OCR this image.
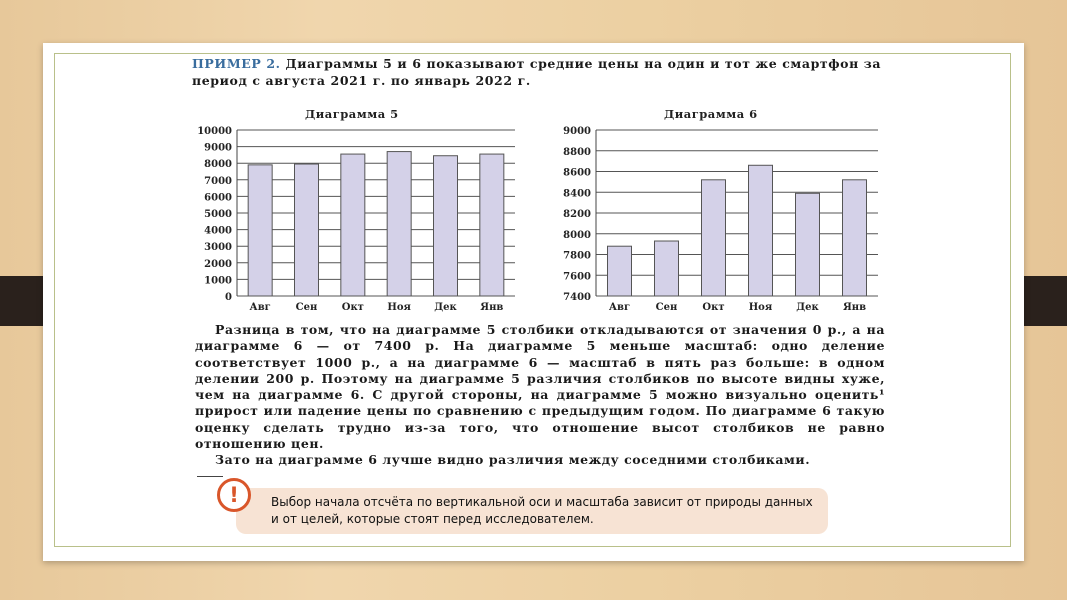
ПРИМЕР 2. Диаграммы 5 и 6 показывают средние цены на один и тот же смартфон за период с августа 2021 г. по январь 2022 г.

Диаграмма 5	Диаграмма 6
0
1000
2000
3000
4000
5000
6000
7000
8000
9000
10000
Авг Сен Окт Ноя Дек Янв
7400
7600
7800
8000
8200
8400
8600
8800
9000
Авг	Сен	Окт Ноя Дек Янв

Разница в том, что на диаграмме 5 столбики откладываются от значения 0 р., а на диаграмме 6 — от 7400 р. На диаграмме 5 меньше масштаб: одно деление соответствует 1000 р., а на диаграмме 6 — масштаб в пять раз больше: в одном делении 200 р. Поэтому на диаграмме 5 различия столбиков по высоте видны хуже, чем на диаграмме 6. С другой стороны, на диаграмме 5 можно визуально оценить¹ прирост или падение цены по сравнению с предыдущим годом. По диаграмме 6 такую оценку сделать трудно из-за того, что отношение высот столбиков не равно отношению цен.

Зато на диаграмме 6 лучше видно различия между соседними столбиками.

Выбор начала отсчёта по вертикальной оси и масштаба зависит от природы данных и от целей, которые стоят перед исследователем.
!
